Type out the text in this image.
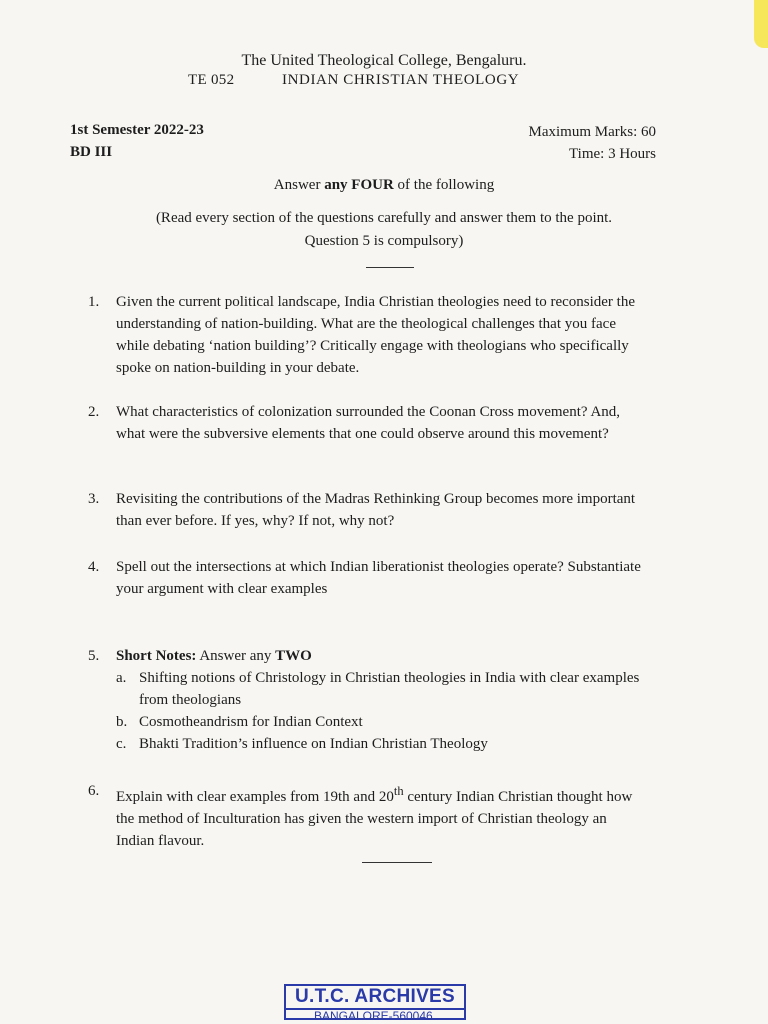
The United Theological College, Bengaluru.
TE 052	INDIAN CHRISTIAN THEOLOGY
1st Semester 2022-23
BD III
Maximum Marks: 60
Time: 3 Hours
Answer any FOUR of the following
(Read every section of the questions carefully and answer them to the point.
Question 5 is compulsory)
1. Given the current political landscape, India Christian theologies need to reconsider the understanding of nation-building. What are the theological challenges that you face while debating ‘nation building’? Critically engage with theologians who specifically spoke on nation-building in your debate.
2. What characteristics of colonization surrounded the Coonan Cross movement? And, what were the subversive elements that one could observe around this movement?
3. Revisiting the contributions of the Madras Rethinking Group becomes more important than ever before. If yes, why? If not, why not?
4. Spell out the intersections at which Indian liberationist theologies operate? Substantiate your argument with clear examples
5. Short Notes: Answer any TWO
a. Shifting notions of Christology in Christian theologies in India with clear examples from theologians
b. Cosmotheandrism for Indian Context
c. Bhakti Tradition’s influence on Indian Christian Theology
6. Explain with clear examples from 19th and 20th century Indian Christian thought how the method of Inculturation has given the western import of Christian theology an Indian flavour.
U.T.C. ARCHIVES
BANGALORE-560046.
